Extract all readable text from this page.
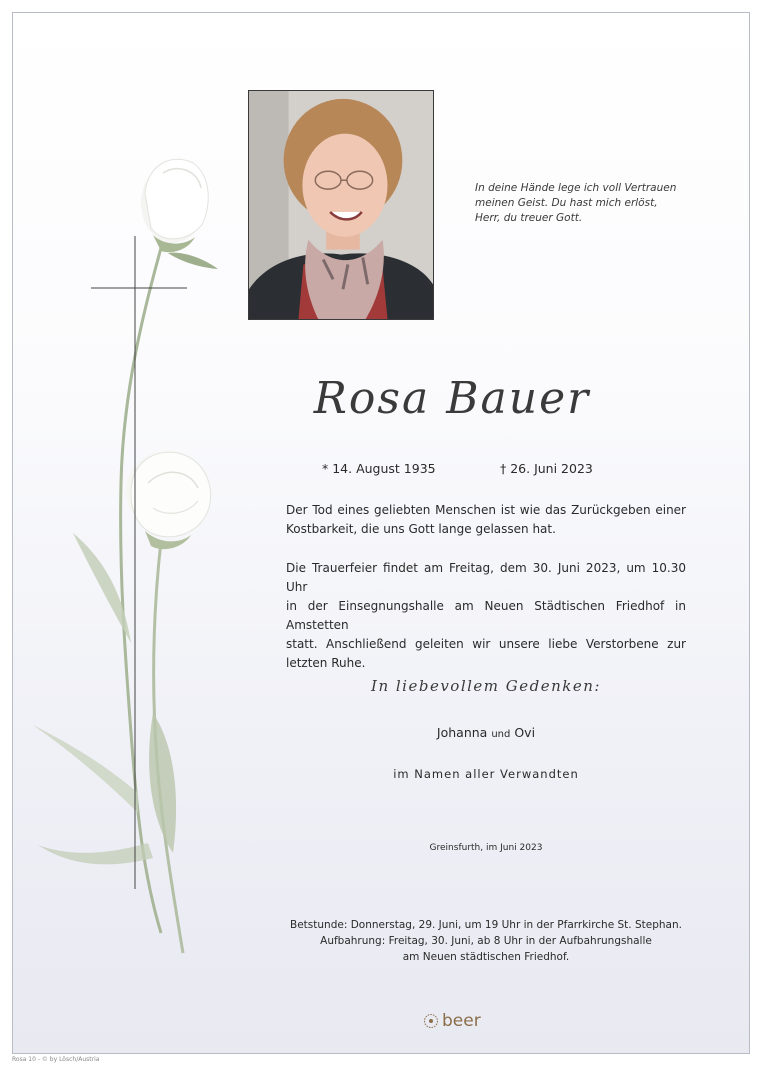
In deine Hände lege ich voll Vertrauen
meinen Geist. Du hast mich erlöst,
Herr, du treuer Gott.
Rosa Bauer
* 14. August 1935	† 26. Juni 2023
Der Tod eines geliebten Menschen ist wie das Zurückgeben einer
Kostbarkeit, die uns Gott lange gelassen hat.
Die Trauerfeier findet am Freitag, dem 30. Juni 2023, um 10.30 Uhr
in der Einsegnungshalle am Neuen Städtischen Friedhof in Amstetten
statt. Anschließend geleiten wir unsere liebe Verstorbene zur
letzten Ruhe.
In liebevollem Gedenken:
Johanna und Ovi
im Namen aller Verwandten
Greinsfurth, im Juni 2023
Betstunde: Donnerstag, 29. Juni, um 19 Uhr in der Pfarrkirche St. Stephan.
Aufbahrung: Freitag, 30. Juni, ab 8 Uhr in der Aufbahrungshalle
am Neuen städtischen Friedhof.
beer
Rosa 10 - © by Lösch/Austria
